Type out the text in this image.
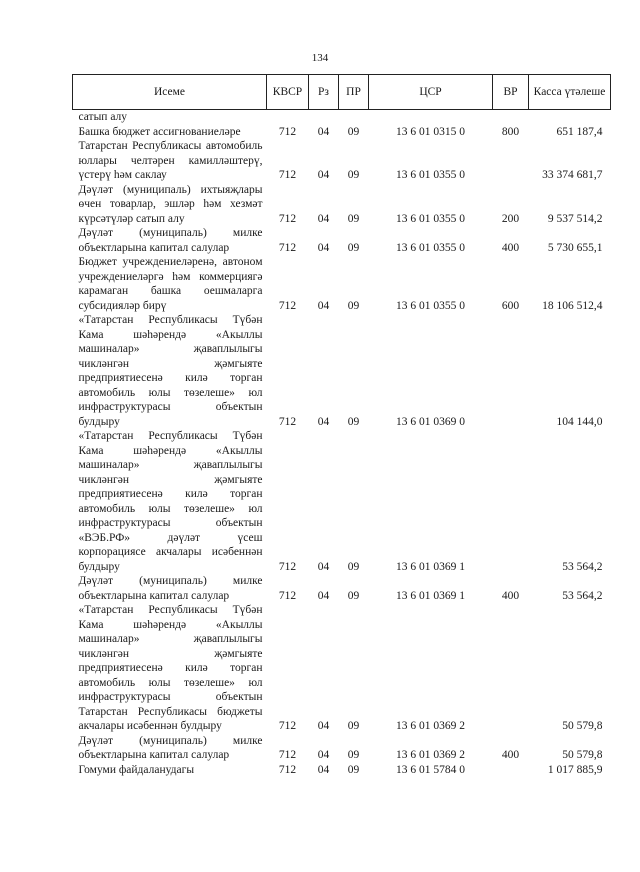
134
Исеме	КВСР	Рз	ПР	ЦСР	ВР	Касса үтәлеше
сатып алу						
Башка бюджет ассигнованиеләре	712	04	09	13 6 01 0315 0	800	651 187,4
Татарстан Республикасы автомобиль юллары челтәрен камилләштерү, үстерү һәм саклау	712	04	09	13 6 01 0355 0		33 374 681,7
Дәүләт (муниципаль) ихтыяҗлары өчен товарлар, эшләр һәм хезмәт күрсәтүләр сатып алу	712	04	09	13 6 01 0355 0	200	9 537 514,2
Дәүләт (муниципаль) милке объектларына капитал салулар	712	04	09	13 6 01 0355 0	400	5 730 655,1
Бюджет учреждениеләренә, автоном учреждениеләргә һәм коммерциягә карамаган башка оешмаларга субсидияләр бирү	712	04	09	13 6 01 0355 0	600	18 106 512,4
«Татарстан Республикасы Түбән Кама шәһәрендә «Акыллы машиналар» җаваплылыгы чикләнгән җәмгыяте предприятиесенә килә торган автомобиль юлы төзелеше» юл инфраструктурасы объектын булдыру	712	04	09	13 6 01 0369 0		104 144,0
«Татарстан Республикасы Түбән Кама шәһәрендә «Акыллы машиналар» җаваплылыгы чикләнгән җәмгыяте предприятиесенә килә торган автомобиль юлы төзелеше» юл инфраструктурасы объектын «ВЭБ.РФ» дәүләт үсеш корпорациясе акчалары исәбеннән булдыру	712	04	09	13 6 01 0369 1		53 564,2
Дәүләт (муниципаль) милке объектларына капитал салулар	712	04	09	13 6 01 0369 1	400	53 564,2
«Татарстан Республикасы Түбән Кама шәһәрендә «Акыллы машиналар» җаваплылыгы чикләнгән җәмгыяте предприятиесенә килә торган автомобиль юлы төзелеше» юл инфраструктурасы объектын Татарстан Республикасы бюджеты акчалары исәбеннән булдыру	712	04	09	13 6 01 0369 2		50 579,8
Дәүләт (муниципаль) милке объектларына капитал салулар	712	04	09	13 6 01 0369 2	400	50 579,8
Гомуми файдаланудагы	712	04	09	13 6 01 5784 0		1 017 885,9
